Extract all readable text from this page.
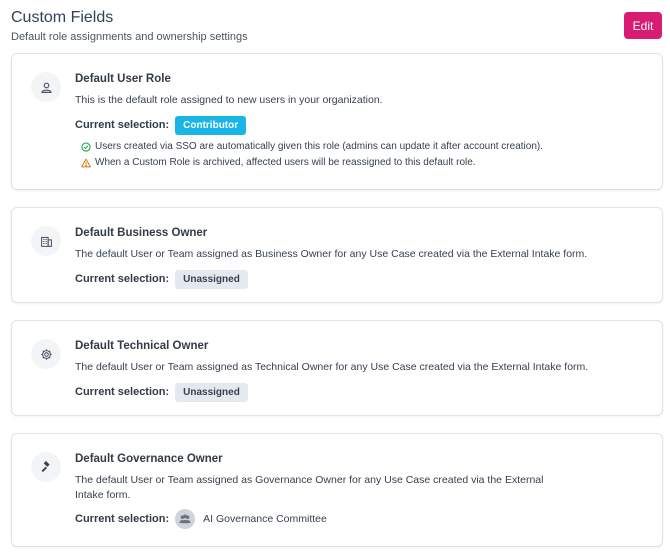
Custom Fields
Default role assignments and ownership settings
Edit
Default User Role
This is the default role assigned to new users in your organization.
Current selection:	Contributor
Users created via SSO are automatically given this role (admins can update it after account creation).
When a Custom Role is archived, affected users will be reassigned to this default role.
Default Business Owner
The default User or Team assigned as Business Owner for any Use Case created via the External Intake form.
Current selection:	Unassigned
Default Technical Owner
The default User or Team assigned as Technical Owner for any Use Case created via the External Intake form.
Current selection:	Unassigned
Default Governance Owner
The default User or Team assigned as Governance Owner for any Use Case created via the External Intake form.
Current selection:	AI Governance Committee
